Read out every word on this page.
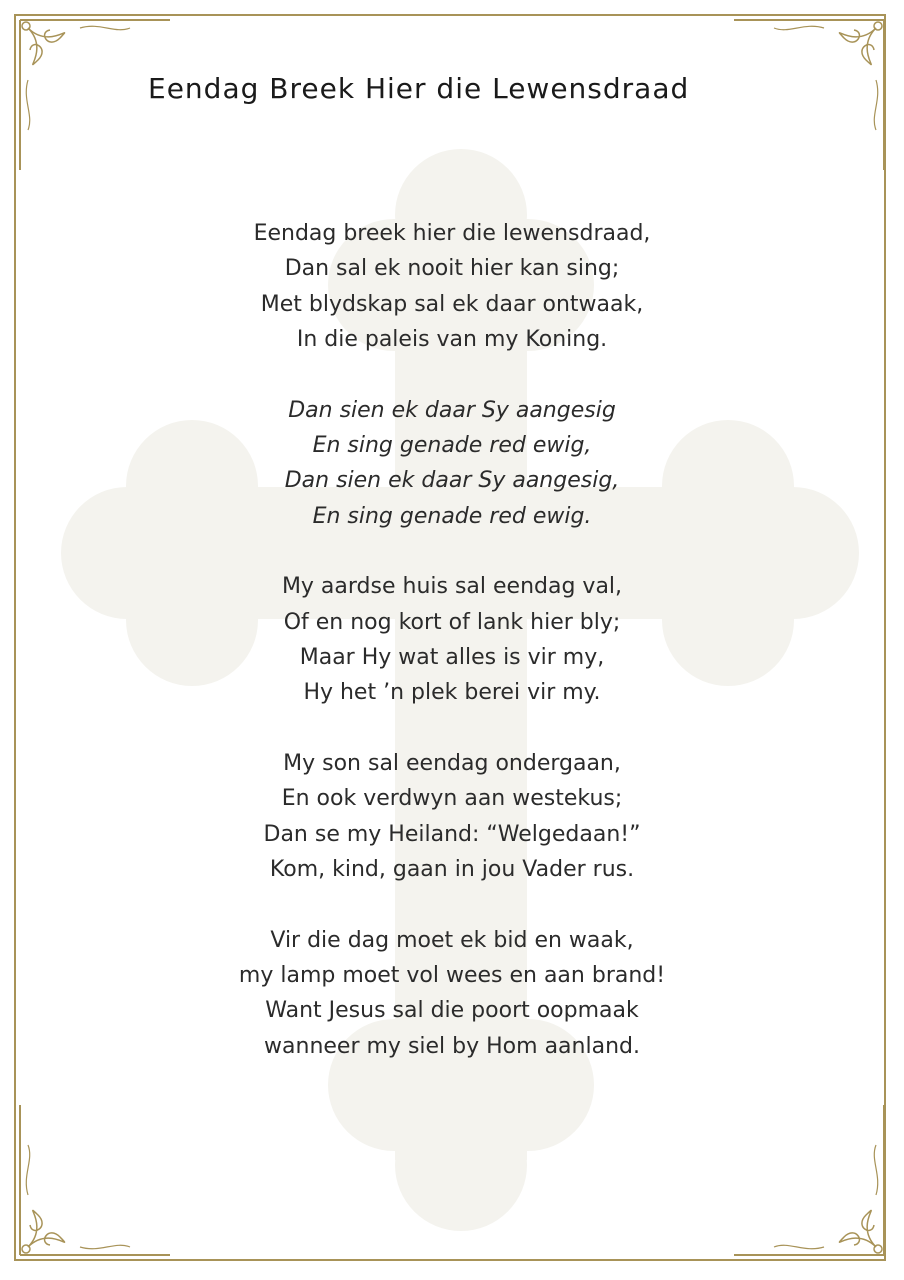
Eendag Breek Hier die Lewensdraad
Eendag breek hier die lewensdraad,
Dan sal ek nooit hier kan sing;
Met blydskap sal ek daar ontwaak,
In die paleis van my Koning.
Dan sien ek daar Sy aangesig
En sing genade red ewig,
Dan sien ek daar Sy aangesig,
En sing genade red ewig.
My aardse huis sal eendag val,
Of en nog kort of lank hier bly;
Maar Hy wat alles is vir my,
Hy het ’n plek berei vir my.
My son sal eendag ondergaan,
En ook verdwyn aan westekus;
Dan se my Heiland: “Welgedaan!”
Kom, kind, gaan in jou Vader rus.
Vir die dag moet ek bid en waak,
my lamp moet vol wees en aan brand!
Want Jesus sal die poort oopmaak
wanneer my siel by Hom aanland.
